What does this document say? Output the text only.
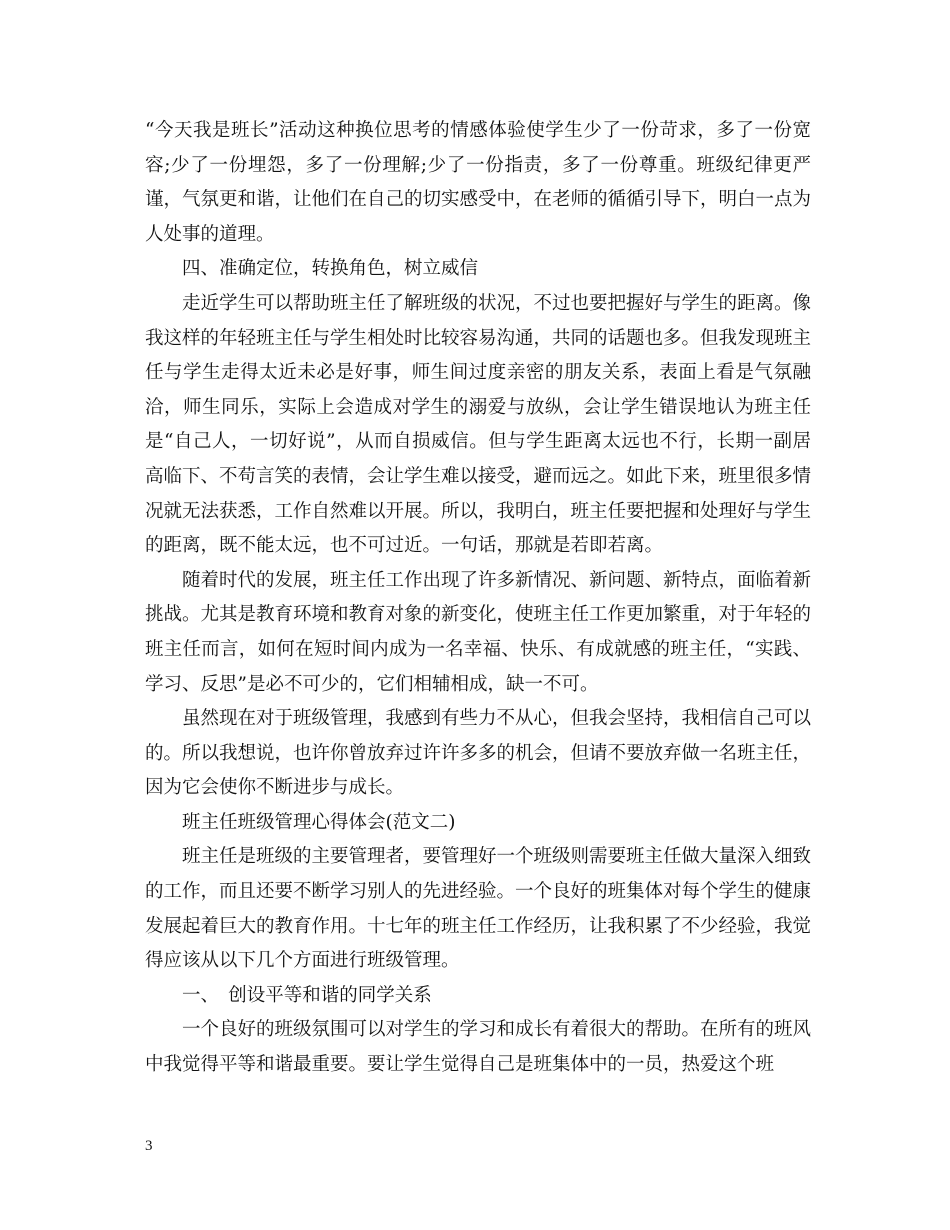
“今天我是班长”活动这种换位思考的情感体验使学生少了一份苛求，多了一份宽容;少了一份埋怨，多了一份理解;少了一份指责，多了一份尊重。班级纪律更严谨，气氛更和谐，让他们在自己的切实感受中，在老师的循循引导下，明白一点为人处事的道理。

四、准确定位，转换角色，树立威信

走近学生可以帮助班主任了解班级的状况，不过也要把握好与学生的距离。像我这样的年轻班主任与学生相处时比较容易沟通，共同的话题也多。但我发现班主任与学生走得太近未必是好事，师生间过度亲密的朋友关系，表面上看是气氛融洽，师生同乐，实际上会造成对学生的溺爱与放纵，会让学生错误地认为班主任是“自己人，一切好说”，从而自损威信。但与学生距离太远也不行，长期一副居高临下、不苟言笑的表情，会让学生难以接受，避而远之。如此下来，班里很多情况就无法获悉，工作自然难以开展。所以，我明白，班主任要把握和处理好与学生的距离，既不能太远，也不可过近。一句话，那就是若即若离。

随着时代的发展，班主任工作出现了许多新情况、新问题、新特点，面临着新挑战。尤其是教育环境和教育对象的新变化，使班主任工作更加繁重，对于年轻的班主任而言，如何在短时间内成为一名幸福、快乐、有成就感的班主任，“实践、学习、反思”是必不可少的，它们相辅相成，缺一不可。

虽然现在对于班级管理，我感到有些力不从心，但我会坚持，我相信自己可以的。所以我想说，也许你曾放弃过许许多多的机会，但请不要放弃做一名班主任，因为它会使你不断进步与成长。

班主任班级管理心得体会(范文二)

班主任是班级的主要管理者，要管理好一个班级则需要班主任做大量深入细致的工作，而且还要不断学习别人的先进经验。一个良好的班集体对每个学生的健康发展起着巨大的教育作用。十七年的班主任工作经历，让我积累了不少经验，我觉得应该从以下几个方面进行班级管理。

一、　创设平等和谐的同学关系

一个良好的班级氛围可以对学生的学习和成长有着很大的帮助。在所有的班风中我觉得平等和谐最重要。要让学生觉得自己是班集体中的一员，热爱这个班

3
